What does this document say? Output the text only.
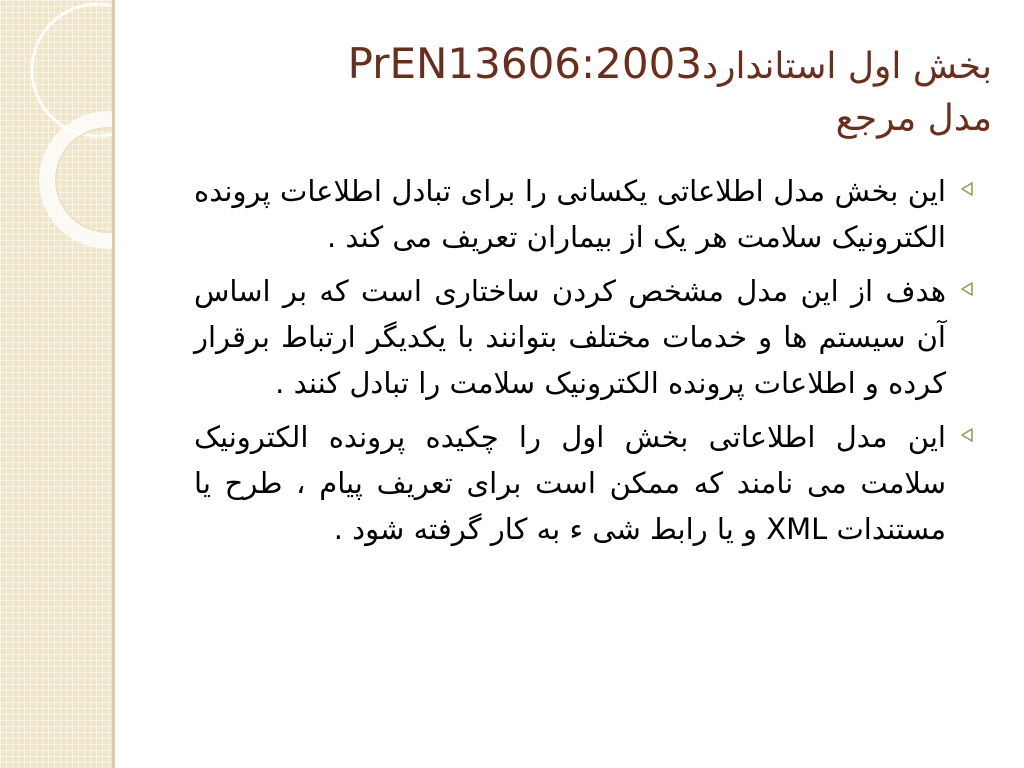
بخش اول استانداردPrEN13606:2003
مدل مرجع
این بخش مدل اطلاعاتی یکسانی را برای تبادل اطلاعات پرونده الکترونیک سلامت هر یک از بیماران تعریف می کند .
هدف از این مدل مشخص کردن ساختاری است که بر اساس آن سیستم ها و خدمات مختلف بتوانند با یکدیگر ارتباط برقرار کرده و اطلاعات پرونده الکترونیک سلامت را تبادل کنند .
این مدل اطلاعاتی بخش اول را چکیده پرونده الکترونیک سلامت می نامند که ممکن است برای تعریف پیام ، طرح یا مستندات XML و یا رابط شی ء به کار گرفته شود .
